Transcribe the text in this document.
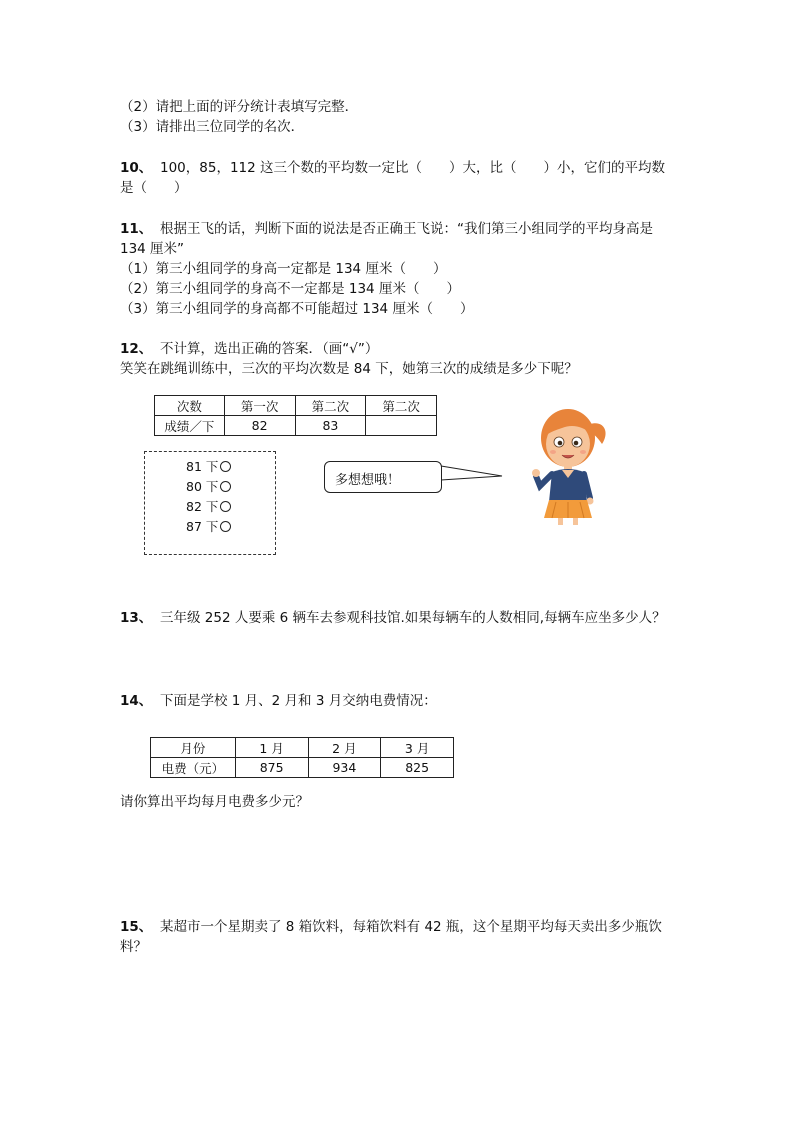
（2）请把上面的评分统计表填写完整．
（3）请排出三位同学的名次．
10、 100，85，112 这三个数的平均数一定比（　　）大，比（　　）小，它们的平均数
是（　　）
11、 根据王飞的话，判断下面的说法是否正确王飞说：“我们第三小组同学的平均身高是
134 厘米”
（1）第三小组同学的身高一定都是 134 厘米（　　）
（2）第三小组同学的身高不一定都是 134 厘米（　　）
（3）第三小组同学的身高都不可能超过 134 厘米（　　）
12、 不计算，选出正确的答案．（画“√”）
笑笑在跳绳训练中，三次的平均次数是 84 下，她第三次的成绩是多少下呢？
次数	第一次	第二次	第二次
成绩／下	82	83	
81 下
80 下
82 下
87 下
多想想哦！
13、 三年级 252 人要乘 6 辆车去参观科技馆.如果每辆车的人数相同,每辆车应坐多少人？
14、 下面是学校 1 月、2 月和 3 月交纳电费情况：
月份	1 月	2 月	3 月
电费（元）	875	934	825
请你算出平均每月电费多少元？
15、 某超市一个星期卖了 8 箱饮料，每箱饮料有 42 瓶，这个星期平均每天卖出多少瓶饮
料？
